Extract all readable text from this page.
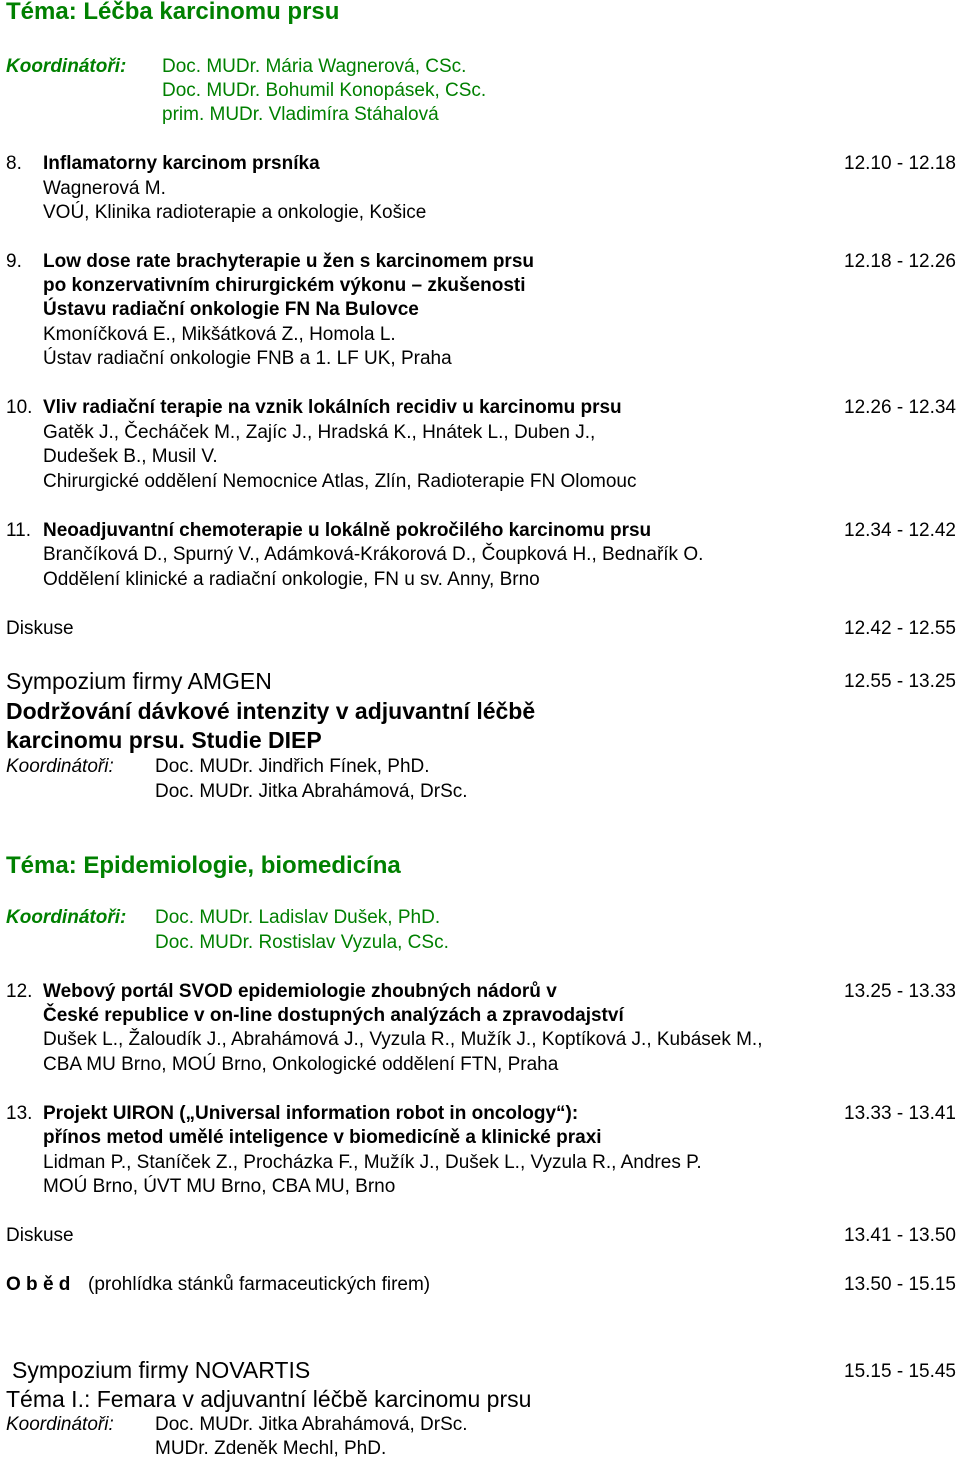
Téma: Léčba karcinomu prsu
Koordinátoři: Doc. MUDr. Mária Wagnerová, CSc.
Doc. MUDr. Bohumil Konopásek, CSc.
prim. MUDr. Vladimíra Stáhalová
8. Inflamatorny karcinom prsníka	12.10 - 12.18
Wagnerová M.
VOÚ, Klinika radioterapie a onkologie, Košice
9. Low dose rate brachyterapie u žen s karcinomem prsu	12.18 - 12.26
po konzervativním chirurgickém výkonu – zkušenosti
Ústavu radiační onkologie FN Na Bulovce
Kmoníčková E., Mikšátková Z., Homola L.
Ústav radiační onkologie FNB a 1. LF UK, Praha
10. Vliv radiační terapie na vznik lokálních recidiv u karcinomu prsu	12.26 - 12.34
Gatěk J., Čecháček M., Zajíc J., Hradská K., Hnátek L., Duben J.,
Dudešek B., Musil V.
Chirurgické oddělení Nemocnice Atlas, Zlín, Radioterapie FN Olomouc
11. Neoadjuvantní chemoterapie u lokálně pokročilého karcinomu prsu	12.34 - 12.42
Brančíková D., Spurný V., Adámková-Krákorová D., Čoupková H., Bednařík O.
Oddělení klinické a radiační onkologie, FN u sv. Anny, Brno
Diskuse	12.42 - 12.55
Sympozium firmy AMGEN	12.55 - 13.25
Dodržování dávkové intenzity v adjuvantní léčbě
karcinomu prsu. Studie DIEP
Koordinátoři: Doc. MUDr. Jindřich Fínek, PhD.
Doc. MUDr. Jitka Abrahámová, DrSc.
Téma: Epidemiologie, biomedicína
Koordinátoři: Doc. MUDr. Ladislav Dušek, PhD.
Doc. MUDr. Rostislav Vyzula, CSc.
12. Webový portál SVOD epidemiologie zhoubných nádorů v	13.25 - 13.33
České republice v on-line dostupných analýzách a zpravodajství
Dušek L., Žaloudík J., Abrahámová J., Vyzula R., Mužík J., Koptíková J., Kubásek M.,
CBA MU Brno, MOÚ Brno, Onkologické oddělení FTN, Praha
13. Projekt UIRON („Universal information robot in oncology“):	13.33 - 13.41
přínos metod umělé inteligence v biomedicíně a klinické praxi
Lidman P., Staníček Z., Procházka F., Mužík J., Dušek L., Vyzula R., Andres P.
MOÚ Brno, ÚVT MU Brno, CBA MU, Brno
Diskuse	13.41 - 13.50
O b ě d (prohlídka stánků farmaceutických firem)	13.50 - 15.15
Sympozium firmy NOVARTIS	15.15 - 15.45
Téma I.: Femara v adjuvantní léčbě karcinomu prsu
Koordinátoři: Doc. MUDr. Jitka Abrahámová, DrSc.
MUDr. Zdeněk Mechl, PhD.
